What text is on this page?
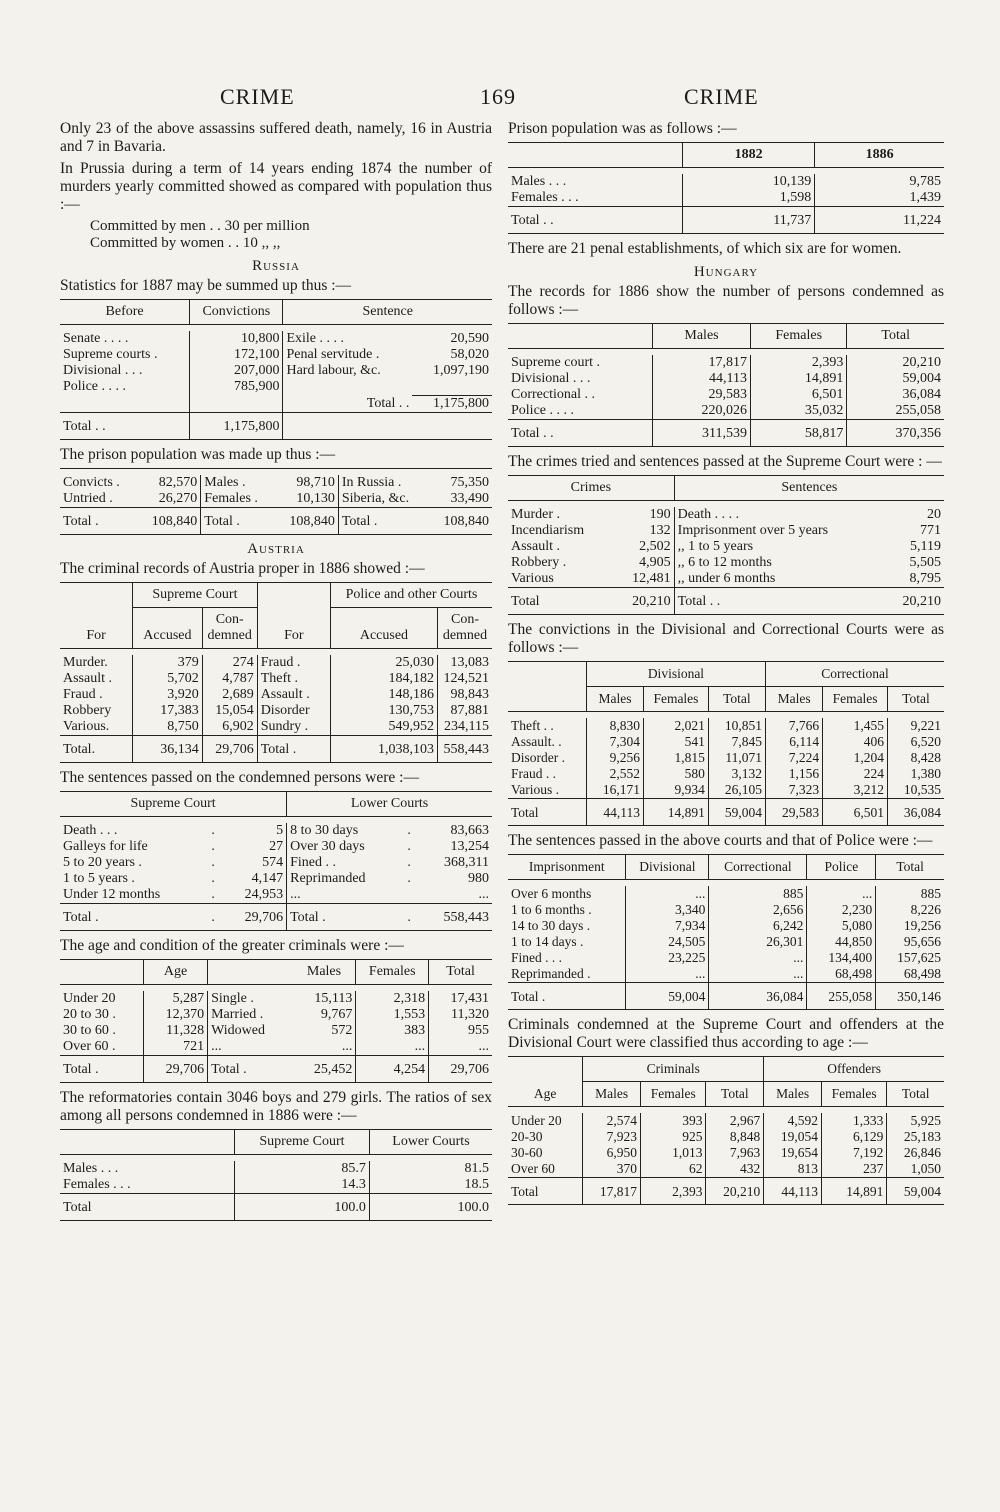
CRIME	169	CRIME

Only 23 of the above assassins suffered death, namely, 16 in Austria and 7 in Bavaria.

In Prussia during a term of 14 years ending 1874 the number of murders yearly committed showed as compared with population thus :—

Committed by men . . 30 per million
Committed by women . . 10 ,, ,,
Russia

Statistics for 1887 may be summed up thus :—

Before	Convictions	Sentence	

Senate . . . .	10,800	Exile . . . .	20,590
Supreme courts .	172,100	Penal servitude .	58,020
Divisional . . .	207,000	Hard labour, &c.	1,097,190
Police . . . .	785,900		
		Total . .	1,175,800
Total . .	1,175,800		

The prison population was made up thus :—

Convicts .	82,570	Males .	98,710	In Russia .	75,350
Untried .	26,270	Females .	10,130	Siberia, &c.	33,490
Total .	108,840	Total .	108,840	Total .	108,840
Austria

The criminal records of Austria proper in 1886 showed :—

For	Supreme Court		For	Police and other Courts	
	Accused	Con-demned		Accused	Con-demned

Murder.	379	274	Fraud .	25,030	13,083
Assault .	5,702	4,787	Theft .	184,182	124,521
Fraud .	3,920	2,689	Assault .	148,186	98,843
Robbery	17,383	15,054	Disorder	130,753	87,881
Various.	8,750	6,902	Sundry .	549,952	234,115
Total.	36,134	29,706	Total .	1,038,103	558,443

The sentences passed on the condemned persons were :—

Supreme Court			Lower Courts		

Death . . .	.	5	8 to 30 days	.	83,663
Galleys for life	.	27	Over 30 days	.	13,254
5 to 20 years .	.	574	Fined . .	.	368,311
1 to 5 years .	.	4,147	Reprimanded	.	980
Under 12 months	.	24,953	...		...
Total .	.	29,706	Total .	.	558,443

The age and condition of the greater criminals were :—

	Age		Males	Females	Total

Under 20	5,287	Single .	15,113	2,318	17,431
20 to 30 .	12,370	Married .	9,767	1,553	11,320
30 to 60 .	11,328	Widowed	572	383	955
Over 60 .	721	...	...	...	...
Total .	29,706	Total .	25,452	4,254	29,706

The reformatories contain 3046 boys and 279 girls. The ratios of sex among all persons condemned in 1886 were :—

	Supreme Court	Lower Courts

Males . . .	85.7	81.5
Females . . .	14.3	18.5
Total	100.0	100.0

Prison population was as follows :—

	1882	1886

Males . . .	10,139	9,785
Females . . .	1,598	1,439
Total . .	11,737	11,224

There are 21 penal establishments, of which six are for women.

Hungary

The records for 1886 show the number of persons condemned as follows :—

	Males	Females	Total

Supreme court .	17,817	2,393	20,210
Divisional . . .	44,113	14,891	59,004
Correctional . .	29,583	6,501	36,084
Police . . . .	220,026	35,032	255,058
Total . .	311,539	58,817	370,356

The crimes tried and sentences passed at the Supreme Court were : —

Crimes		Sentences	

Murder .	190	Death . . . .	20
Incendiarism	132	Imprisonment over 5 years	771
Assault .	2,502	,, 1 to 5 years	5,119
Robbery .	4,905	,, 6 to 12 months	5,505
Various	12,481	,, under 6 months	8,795
Total	20,210	Total . .	20,210

The convictions in the Divisional and Correctional Courts were as follows :—

	Divisional			Correctional		
	Males	Females	Total	Males	Females	Total

Theft . .	8,830	2,021	10,851	7,766	1,455	9,221
Assault. .	7,304	541	7,845	6,114	406	6,520
Disorder .	9,256	1,815	11,071	7,224	1,204	8,428
Fraud . .	2,552	580	3,132	1,156	224	1,380
Various .	16,171	9,934	26,105	7,323	3,212	10,535
Total	44,113	14,891	59,004	29,583	6,501	36,084

The sentences passed in the above courts and that of Police were :—

Imprisonment	Divisional	Correctional	Police	Total

Over 6 months	...	885	...	885
1 to 6 months .	3,340	2,656	2,230	8,226
14 to 30 days .	7,934	6,242	5,080	19,256
1 to 14 days .	24,505	26,301	44,850	95,656
Fined . . .	23,225	...	134,400	157,625
Reprimanded .	...	...	68,498	68,498
Total .	59,004	36,084	255,058	350,146

Criminals condemned at the Supreme Court and offenders at the Divisional Court were classified thus according to age :—

Age	Criminals			Offenders		
	Males	Females	Total	Males	Females	Total

Under 20	2,574	393	2,967	4,592	1,333	5,925
20-30	7,923	925	8,848	19,054	6,129	25,183
30-60	6,950	1,013	7,963	19,654	7,192	26,846
Over 60	370	62	432	813	237	1,050
Total	17,817	2,393	20,210	44,113	14,891	59,004
